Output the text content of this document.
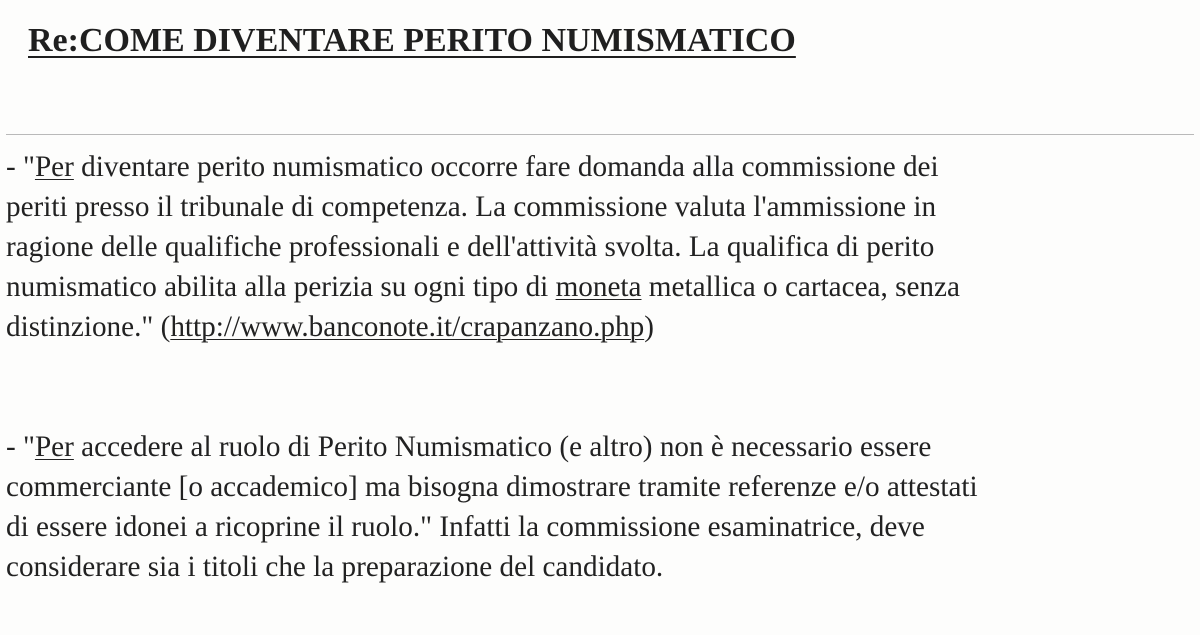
Re:COME DIVENTARE PERITO NUMISMATICO

- "Per diventare perito numismatico occorre fare domanda alla commissione dei
periti presso il tribunale di competenza. La commissione valuta l'ammissione in
ragione delle qualifiche professionali e dell'attività svolta. La qualifica di perito
numismatico abilita alla perizia su ogni tipo di moneta metallica o cartacea, senza
distinzione." (http://www.banconote.it/crapanzano.php)

- "Per accedere al ruolo di Perito Numismatico (e altro) non è necessario essere
commerciante [o accademico] ma bisogna dimostrare tramite referenze e/o attestati
di essere idonei a ricoprine il ruolo." Infatti la commissione esaminatrice, deve
considerare sia i titoli che la preparazione del candidato.
